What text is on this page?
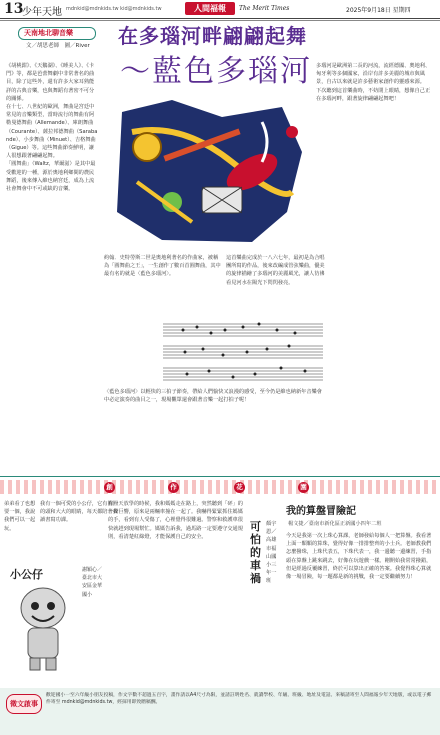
13
少年天地 mdnkid@mdnkids.tw kid@mdnkids.tw	人間福報	The Merit Times	2025年9月18日 星期四
天南地北聊音樂
文／胡思老師　圖／River 在多瑙河畔翩翩起舞
～藍色多瑙河

《胡桃鉗》、《天鵝湖》、《睡美人》、《卡門》等，都是芭蕾舞劇中非常著名的曲目，除了這些外，還有許多大家耳熟能詳的古典音樂，也與舞蹈有著密不可分的關係。

在十七、八世紀的歐洲，舞曲是宮廷中常見的音樂類型，當時流行的舞曲有阿勒曼德舞曲（Allemande）、庫朗舞曲（Courante）、薩拉邦德舞曲（Sarabande）、小步舞曲（Minuet）、吉格舞曲（Gigue）等。這些舞曲節奏鮮明，讓人很想跟著翩翩起舞。

「圓舞曲」（Waltz，華爾滋）是其中最受歡迎的一種，源於奧地利鄉間的農民舞蹈，後來傳入維也納宮廷，成為上流社會舞會中不可或缺的音樂。

約翰．史特勞斯二世是奧地利著名的作曲家，被稱為「圓舞曲之王」，一生創作了數百首圓舞曲，其中最有名的就是〈藍色多瑙河〉。

這首樂曲完成於一八六七年，最初是為合唱團所寫的作品，後來改編成管弦樂曲，優美的旋律描繪了多瑙河的美麗風光，讓人彷彿看見河水在陽光下閃閃發亮。

〈藍色多瑙河〉以輕快的三拍子節奏，帶給人們愉快又浪漫的感受，至今仍是維也納新年音樂會中必定演奏的曲目之一，現場觀眾還會跟著音樂一起打拍子呢！

多瑙河是歐洲第二長的河流，流經德國、奧地利、匈牙利等多個國家，沿岸有許多美麗的城市與風景，自古以來就是許多藝術家創作的靈感來源。

下次聽到這首樂曲時，不妨閉上眼睛，想像自己正在多瑙河畔，跟著旋律翩翩起舞吧！

創	作	花	園
弟弟看了也想要一個，我說我們可以一起玩。
小公仔	謝穎心／臺北市大安區金華國小
我有一個可愛的小公仔，它有圓圓的頭和大大的眼睛，每天都陪著我讀書寫功課。
有一天放學的時候，我和媽媽走在路上，突然聽到「砰」的一聲巨響，原來是兩輛車撞在一起了。我嚇得緊緊抓住媽媽的手，看到有人受傷了，心裡覺得很難過。警察和救護車很快就趕到現場幫忙。媽媽告訴我，過馬路一定要遵守交通規則，看清楚紅綠燈，才能保護自己的安全。
可怕的車禍
顏宇恩／高雄市福山國小三年一班
我的算盤冒險記
楊文捷／臺南市新化區正新國小四年二班
今天是我第一次上珠心算課，老師發給每個人一把算盤。我看著上面一顆顆的算珠，覺得好像一排排整齊的小士兵。老師教我們怎麼撥珠，上珠代表五，下珠代表一，我一邊聽一邊練習，手指頭在算盤上跳來跳去，好像在玩遊戲一樣。剛開始我常常撥錯，但是經過反覆練習，終於可以算出正確的答案。我覺得珠心算就像一場冒險，每一題都是新的挑戰，我一定要繼續努力！
徵文啟事
歡迎國小一至六年級小朋友投稿，作文字數不超過五百字，畫作請以A4尺寸為限，並請註明姓名、就讀學校、年級、班級、地址及電話。來稿請寄至人間福報少年天地版，或以電子郵件寄至 mdnkid@mdnkids.tw，經採用即致贈稿酬。
